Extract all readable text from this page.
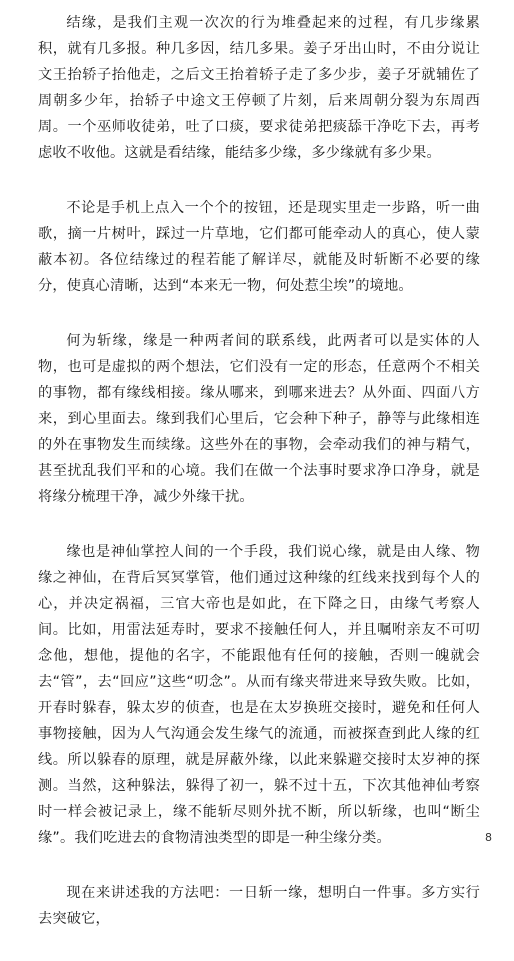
结缘，是我们主观一次次的行为堆叠起来的过程，有几步缘累积，就有几多报。种几多因，结几多果。姜子牙出山时，不由分说让文王抬轿子抬他走，之后文王抬着轿子走了多少步，姜子牙就辅佐了周朝多少年，抬轿子中途文王停顿了片刻，后来周朝分裂为东周西周。一个巫师收徒弟，吐了口痰，要求徒弟把痰舔干净吃下去，再考虑收不收他。这就是看结缘，能结多少缘，多少缘就有多少果。

不论是手机上点入一个个的按钮，还是现实里走一步路，听一曲歌，摘一片树叶，踩过一片草地，它们都可能牵动人的真心，使人蒙蔽本初。各位结缘过的程若能了解详尽，就能及时斩断不必要的缘分，使真心清晰，达到“本来无一物，何处惹尘埃”的境地。

何为斩缘，缘是一种两者间的联系线，此两者可以是实体的人物，也可是虚拟的两个想法，它们没有一定的形态，任意两个不相关的事物，都有缘线相接。缘从哪来，到哪来进去？从外面、四面八方来，到心里面去。缘到我们心里后，它会种下种子，静等与此缘相连的外在事物发生而续缘。这些外在的事物，会牵动我们的神与精气，甚至扰乱我们平和的心境。我们在做一个法事时要求净口净身，就是将缘分梳理干净，减少外缘干扰。

缘也是神仙掌控人间的一个手段，我们说心缘，就是由人缘、物缘之神仙，在背后冥冥掌管，他们通过这种缘的红线来找到每个人的心，并决定祸福，三官大帝也是如此，在下降之日，由缘气考察人间。比如，用雷法延寿时，要求不接触任何人，并且嘱咐亲友不可叨念他，想他，提他的名字，不能跟他有任何的接触，否则一魄就会去“管”，去“回应”这些“叨念”。从而有缘夹带进来导致失败。比如，开春时躲春，躲太岁的侦查，也是在太岁换班交接时，避免和任何人事物接触，因为人气沟通会发生缘气的流通，而被探查到此人缘的红线。所以躲春的原理，就是屏蔽外缘，以此来躲避交接时太岁神的探测。当然，这种躲法，躲得了初一，躲不过十五，下次其他神仙考察时一样会被记录上，缘不能斩尽则外扰不断，所以斩缘，也叫“断尘缘”。我们吃进去的食物清浊类型的即是一种尘缘分类。

现在来讲述我的方法吧：一日斩一缘，想明白一件事。多方实行去突破它，

8
